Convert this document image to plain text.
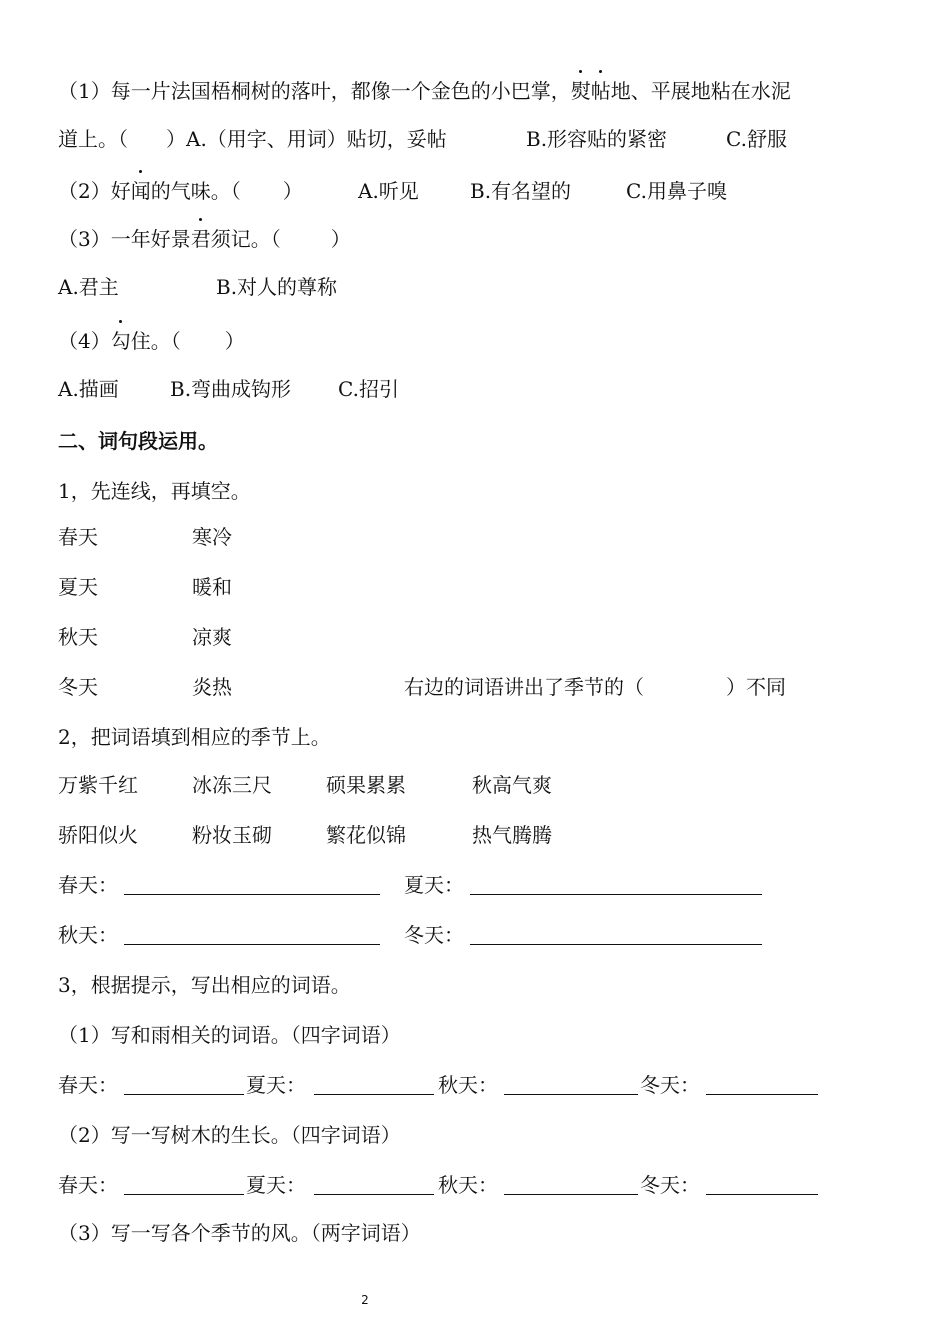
（1）每一片法国梧桐树的落叶，都像一个金色的小巴掌，熨帖地、平展地粘在水泥
道上。（ ）A.（用字、用词）贴切，妥帖	B.形容贴的紧密	C.舒服
（2）好闻的气味。（ ）	A.听见	B.有名望的	C.用鼻子嗅
（3）一年好景君须记。（	）
A.君主	B.对人的尊称
（4）勾住。（ ）
A.描画	B.弯曲成钩形 C.招引
二、词句段运用。
1，先连线，再填空。
春天	寒冷
夏天	暖和
秋天	凉爽
冬天	炎热	右边的词语讲出了季节的（	）不同
2，把词语填到相应的季节上。
万紫千红	冰冻三尺	硕果累累	秋高气爽
骄阳似火	粉妆玉砌	繁花似锦	热气腾腾
春天：	夏天：
秋天：	冬天：
3，根据提示，写出相应的词语。
（1）写和雨相关的词语。（四字词语）
春天：	夏天：	秋天：	冬天：
（2）写一写树木的生长。（四字词语）
春天：	夏天：	秋天：	冬天：
（3）写一写各个季节的风。（两字词语）
2
